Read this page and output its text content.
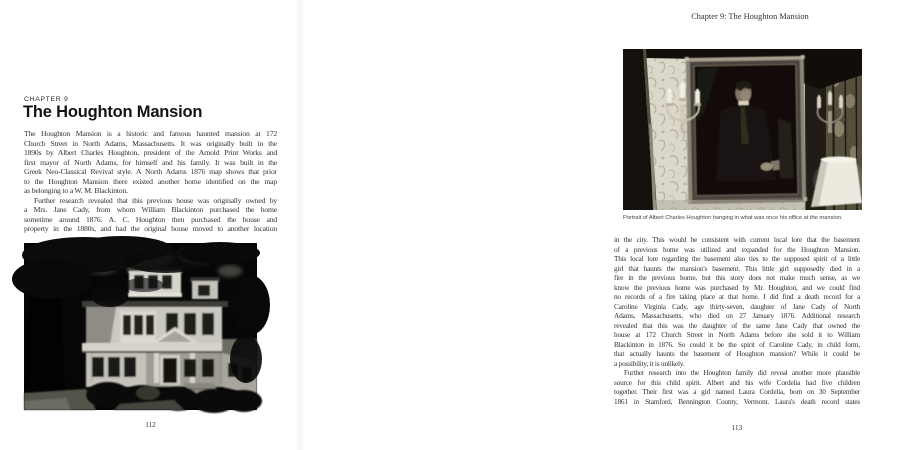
CHAPTER 9
The Houghton Mansion
The Houghton Mansion is a historic and famous haunted mansion at 172
Church Street in North Adams, Massachusetts. It was originally built in the
1890s by Albert Charles Houghton, president of the Arnold Print Works and
first mayor of North Adams, for himself and his family. It was built in the
Greek Neo-Classical Revival style. A North Adams 1876 map shows that prior
to the Houghton Mansion there existed another home identified on the map
as belonging to a W. M. Blackinton.
Further research revealed that this previous house was originally owned by
a Mrs. Jane Cady, from whom William Blackinton purchased the home
sometime around 1876. A. C. Houghton then purchased the house and
property in the 1880s, and had the original house moved to another location
112
Chapter 9: The Houghton Mansion
Portrait of Albert Charles Houghton hanging in what was once his office at the mansion.
in the city. This would be consistent with current local lore that the basement
of a previous home was utilized and expanded for the Houghton Mansion.
This local lore regarding the basement also ties to the supposed spirit of a little
girl that haunts the mansion's basement. This little girl supposedly died in a
fire in the previous home, but this story does not make much sense, as we
know the previous home was purchased by Mr. Houghton, and we could find
no records of a fire taking place at that home. I did find a death record for a
Caroline Virginia Cady, age thirty-seven, daughter of Jane Cady of North
Adams, Massachusetts, who died on 27 January 1876. Additional research
revealed that this was the daughter of the same Jane Cady that owned the
house at 172 Church Street in North Adams before she sold it to William
Blackinton in 1876. So could it be the spirit of Caroline Cady, in child form,
that actually haunts the basement of Houghton mansion? While it could be
a possibility, it is unlikely.
Further research into the Houghton family did reveal another more plausible
source for this child spirit. Albert and his wife Cordelia had five children
together. Their first was a girl named Laura Cordelia, born on 30 September
1861 in Stamford, Bennington County, Vermont. Laura's death record states
113
